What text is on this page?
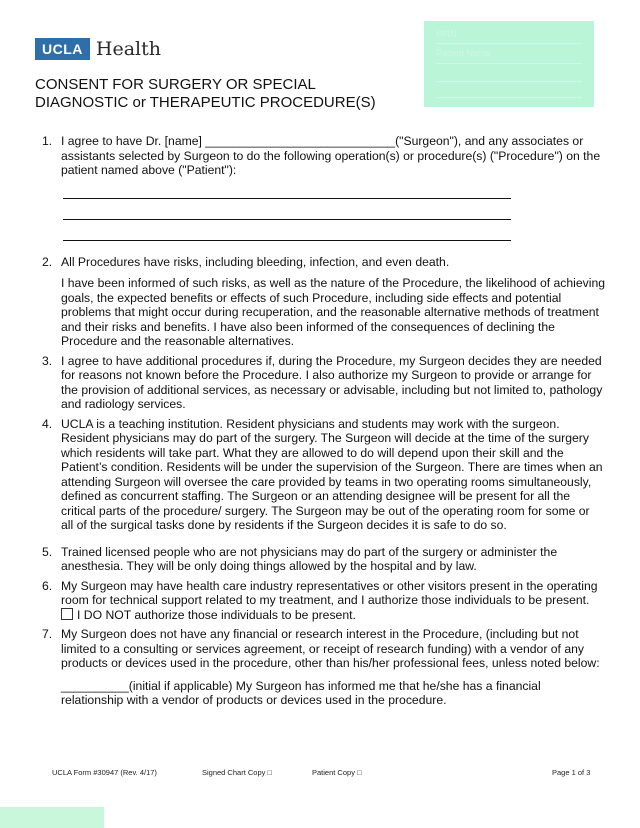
UCLA Health
MRN
Patient Name
CONSENT FOR SURGERY OR SPECIAL
DIAGNOSTIC or THERAPEUTIC PROCEDURE(S)
1. I agree to have Dr. [name] ____________________________("Surgeon"), and any associates or assistants selected by Surgeon to do the following operation(s) or procedure(s) ("Procedure") on the patient named above ("Patient"):
2. All Procedures have risks, including bleeding, infection, and even death.

I have been informed of such risks, as well as the nature of the Procedure, the likelihood of achieving goals, the expected benefits or effects of such Procedure, including side effects and potential problems that might occur during recuperation, and the reasonable alternative methods of treatment and their risks and benefits. I have also been informed of the consequences of declining the Procedure and the reasonable alternatives.

3. I agree to have additional procedures if, during the Procedure, my Surgeon decides they are needed for reasons not known before the Procedure. I also authorize my Surgeon to provide or arrange for the provision of additional services, as necessary or advisable, including but not limited to, pathology and radiology services.
4. UCLA is a teaching institution. Resident physicians and students may work with the surgeon. Resident physicians may do part of the surgery. The Surgeon will decide at the time of the surgery which residents will take part. What they are allowed to do will depend upon their skill and the Patient’s condition. Residents will be under the supervision of the Surgeon. There are times when an attending Surgeon will oversee the care provided by teams in two operating rooms simultaneously, defined as concurrent staffing. The Surgeon or an attending designee will be present for all the critical parts of the procedure/ surgery. The Surgeon may be out of the operating room for some or all of the surgical tasks done by residents if the Surgeon decides it is safe to do so.
5. Trained licensed people who are not physicians may do part of the surgery or administer the anesthesia. They will be only doing things allowed by the hospital and by law.
6. My Surgeon may have health care industry representatives or other visitors present in the operating room for technical support related to my treatment, and I authorize those individuals to be present.
I DO NOT authorize those individuals to be present.
7. My Surgeon does not have any financial or research interest in the Procedure, (including but not limited to a consulting or services agreement, or receipt of research funding) with a vendor of any products or devices used in the procedure, other than his/her professional fees, unless noted below:
__________(initial if applicable) My Surgeon has informed me that he/she has a financial relationship with a vendor of products or devices used in the procedure.
UCLA Form #30947 (Rev. 4/17)	Signed Chart Copy □	Patient Copy □	Page 1 of 3
